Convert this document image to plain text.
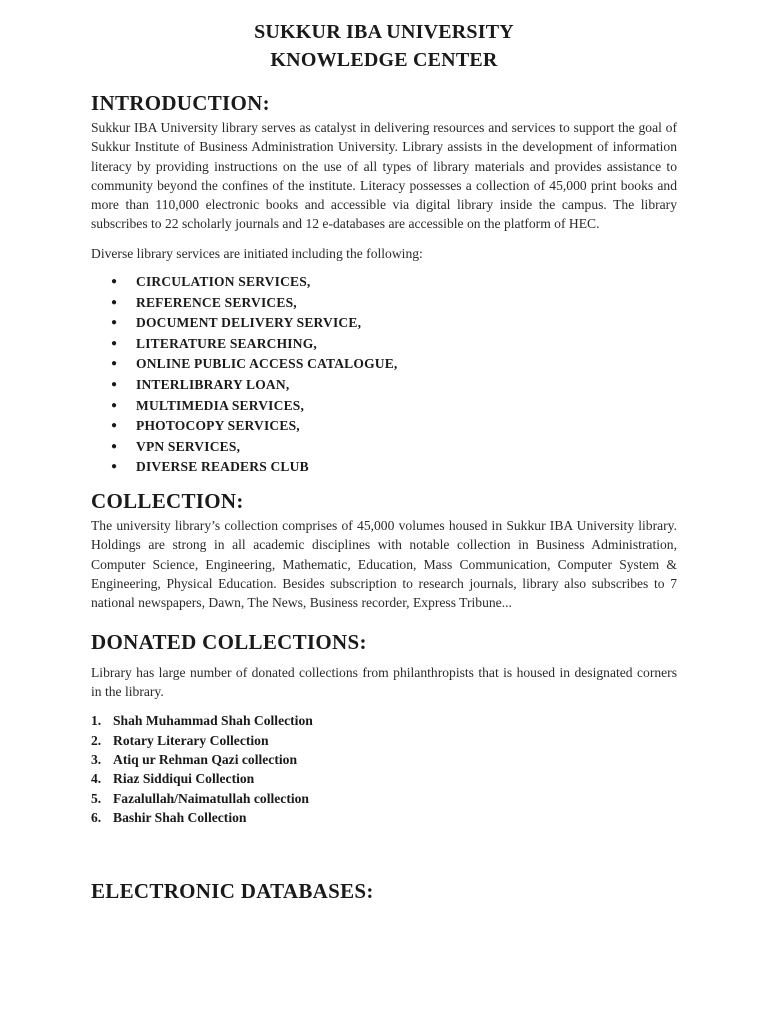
SUKKUR IBA UNIVERSITY

KNOWLEDGE CENTER

INTRODUCTION:

Sukkur IBA University library serves as catalyst in delivering resources and services to support the goal of Sukkur Institute of Business Administration University. Library assists in the development of information literacy by providing instructions on the use of all types of library materials and provides assistance to community beyond the confines of the institute. Literacy possesses a collection of 45,000 print books and more than 110,000 electronic books and accessible via digital library inside the campus. The library subscribes to 22 scholarly journals and 12 e-databases are accessible on the platform of HEC.

Diverse library services are initiated including the following:

● CIRCULATION SERVICES,
● REFERENCE SERVICES,
● DOCUMENT DELIVERY SERVICE,
● LITERATURE SEARCHING,
● ONLINE PUBLIC ACCESS CATALOGUE,
● INTERLIBRARY LOAN,
● MULTIMEDIA SERVICES,
● PHOTOCOPY SERVICES,
● VPN SERVICES,
● DIVERSE READERS CLUB
COLLECTION:

The university library’s collection comprises of 45,000 volumes housed in Sukkur IBA University library. Holdings are strong in all academic disciplines with notable collection in Business Administration, Computer Science, Engineering, Mathematic, Education, Mass Communication, Computer System & Engineering, Physical Education. Besides subscription to research journals, library also subscribes to 7 national newspapers, Dawn, The News, Business recorder, Express Tribune...

DONATED COLLECTIONS:

Library has large number of donated collections from philanthropists that is housed in designated corners in the library.

1. Shah Muhammad Shah Collection
2. Rotary Literary Collection
3. Atiq ur Rehman Qazi collection
4. Riaz Siddiqui Collection
5. Fazalullah/Naimatullah collection
6. Bashir Shah Collection
ELECTRONIC DATABASES:
